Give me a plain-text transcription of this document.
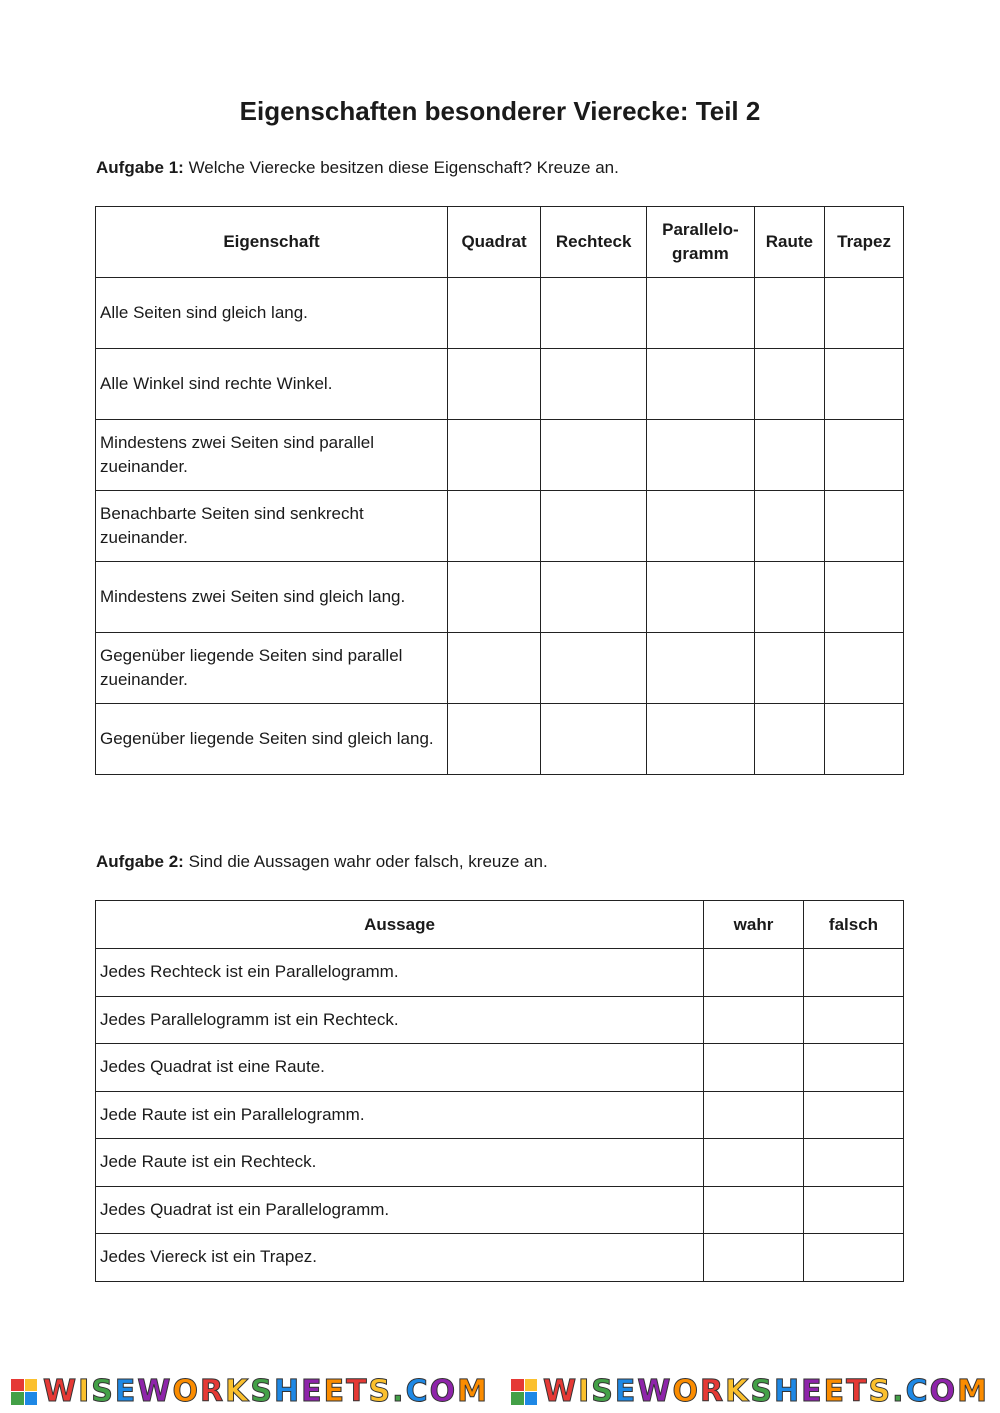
Eigenschaften besonderer Vierecke: Teil 2

Aufgabe 1: Welche Vierecke besitzen diese Eigenschaft? Kreuze an.

Eigenschaft	Quadrat	Rechteck	Parallelo-
gramm	Raute	Trapez
Alle Seiten sind gleich lang.					
Alle Winkel sind rechte Winkel.					
Mindestens zwei Seiten sind parallel zueinander.					
Benachbarte Seiten sind senkrecht zueinander.					
Mindestens zwei Seiten sind gleich lang.					
Gegenüber liegende Seiten sind parallel zueinander.					
Gegenüber liegende Seiten sind gleich lang.					

Aufgabe 2: Sind die Aussagen wahr oder falsch, kreuze an.

Aussage	wahr	falsch
Jedes Rechteck ist ein Parallelogramm.		
Jedes Parallelogramm ist ein Rechteck.		
Jedes Quadrat ist eine Raute.		
Jede Raute ist ein Parallelogramm.		
Jede Raute ist ein Rechteck.		
Jedes Quadrat ist ein Parallelogramm.		
Jedes Viereck ist ein Trapez.		
WISEWORKSHEETS.COM WISEWORKSHEETS.COM
